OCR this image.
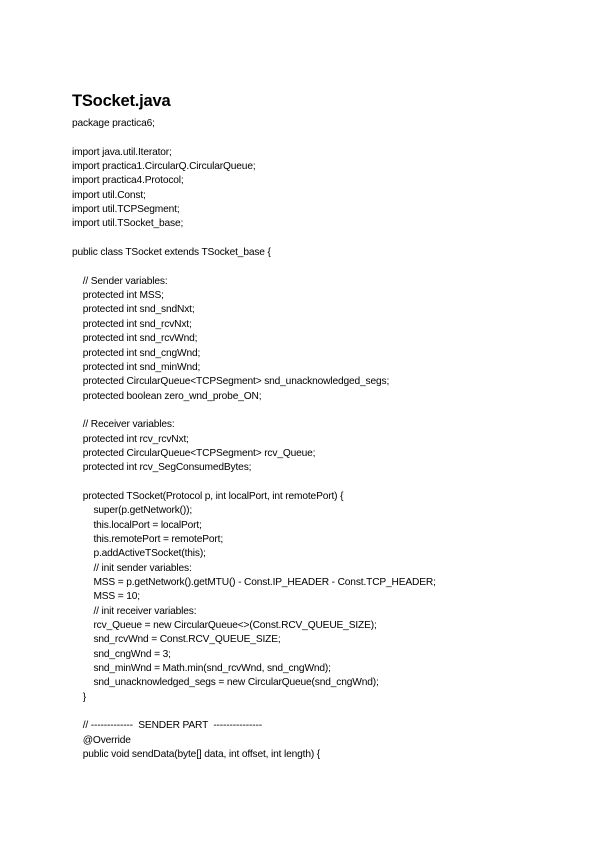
TSocket.java
package practica6;
import java.util.Iterator;
import practica1.CircularQ.CircularQueue;
import practica4.Protocol;
import util.Const;
import util.TCPSegment;
import util.TSocket_base;
public class TSocket extends TSocket_base {
// Sender variables:
protected int MSS;
protected int snd_sndNxt;
protected int snd_rcvNxt;
protected int snd_rcvWnd;
protected int snd_cngWnd;
protected int snd_minWnd;
protected CircularQueue<TCPSegment> snd_unacknowledged_segs;
protected boolean zero_wnd_probe_ON;
// Receiver variables:
protected int rcv_rcvNxt;
protected CircularQueue<TCPSegment> rcv_Queue;
protected int rcv_SegConsumedBytes;
protected TSocket(Protocol p, int localPort, int remotePort) {
super(p.getNetwork());
this.localPort = localPort;
this.remotePort = remotePort;
p.addActiveTSocket(this);
// init sender variables:
MSS = p.getNetwork().getMTU() - Const.IP_HEADER - Const.TCP_HEADER;
MSS = 10;
// init receiver variables:
rcv_Queue = new CircularQueue<>(Const.RCV_QUEUE_SIZE);
snd_rcvWnd = Const.RCV_QUEUE_SIZE;
snd_cngWnd = 3;
snd_minWnd = Math.min(snd_rcvWnd, snd_cngWnd);
snd_unacknowledged_segs = new CircularQueue(snd_cngWnd);
}
// -------------  SENDER PART  ---------------
@Override
public void sendData(byte[] data, int offset, int length) {
